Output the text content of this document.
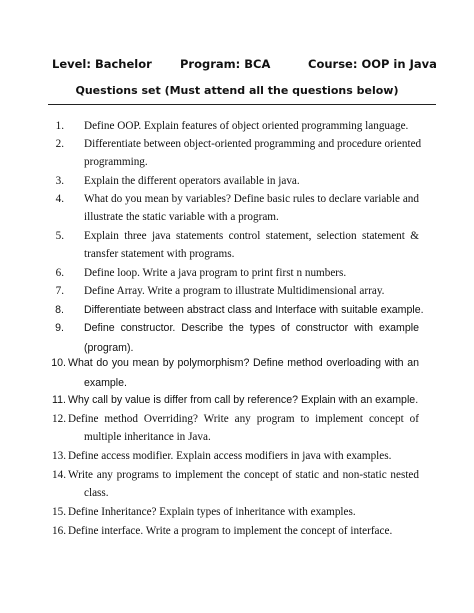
Level: Bachelor Program: BCA	Course: OOP in Java
Questions set (Must attend all the questions below)
1. Define OOP. Explain features of object oriented programming language.
2. Differentiate between object-oriented programming and procedure oriented
programming.
3. Explain the different operators available in java.
4. What do you mean by variables? Define basic rules to declare variable and
illustrate the static variable with a program.
5. Explain three java statements control statement, selection statement &
transfer statement with programs.
6. Define loop. Write a java program to print first n numbers.
7. Define Array. Write a program to illustrate Multidimensional array.
8. Differentiate between abstract class and Interface with suitable example.
9. Define constructor. Describe the types of constructor with example
(program).
10. What do you mean by polymorphism? Define method overloading with an
example.
11. Why call by value is differ from call by reference? Explain with an example.
12. Define method Overriding? Write any program to implement concept of
multiple inheritance in Java.
13. Define access modifier. Explain access modifiers in java with examples.
14. Write any programs to implement the concept of static and non-static nested
class.
15. Define Inheritance? Explain types of inheritance with examples.
16. Define interface. Write a program to implement the concept of interface.
